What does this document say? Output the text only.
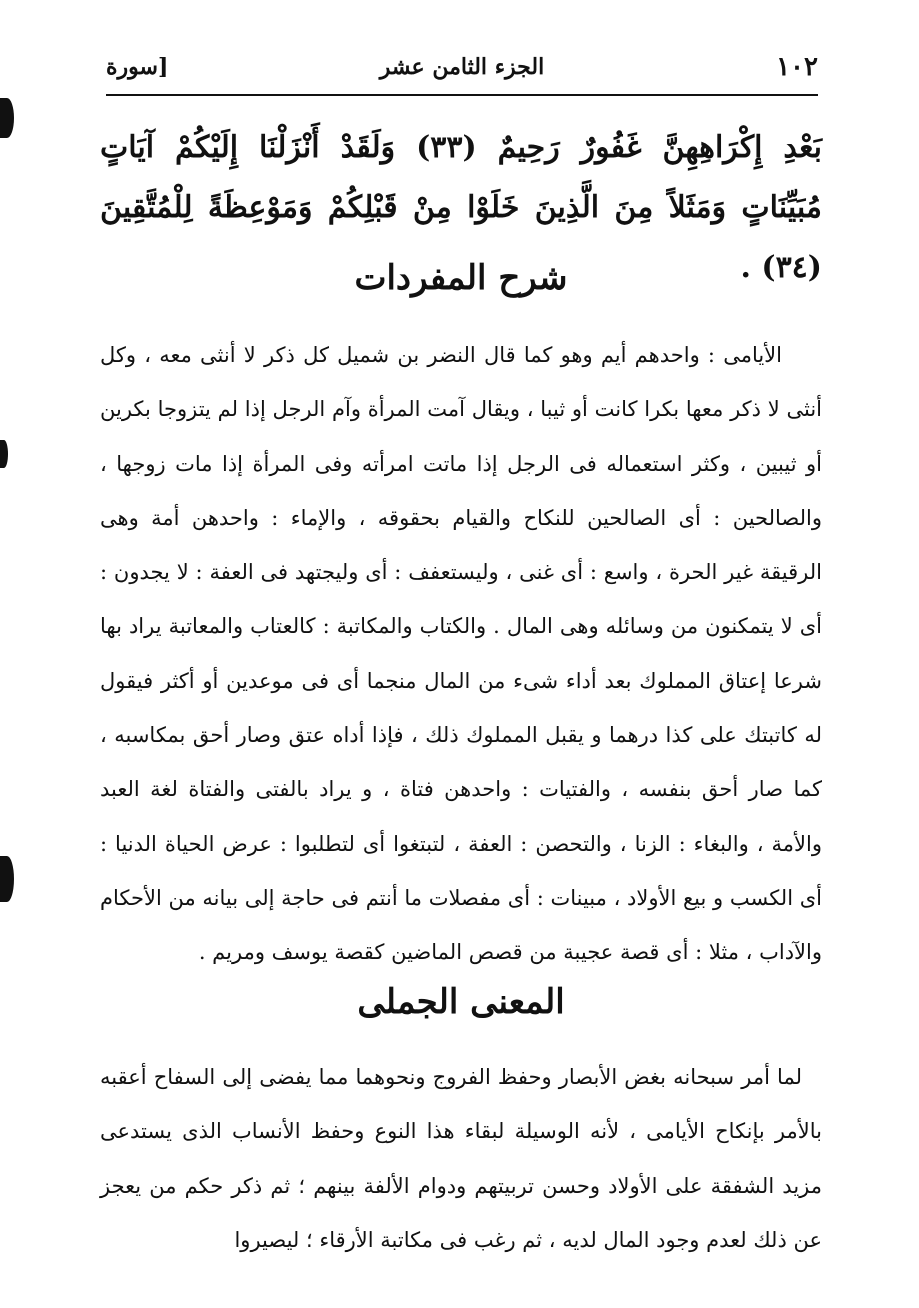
١٠٢
الجزء الثامن عشر
[سورة
بَعْدِ إِكْرَاهِهِنَّ غَفُورٌ رَحِيمٌ (٣٣) وَلَقَدْ أَنْزَلْنَا إِلَيْكُمْ آيَاتٍ مُبَيِّنَاتٍ وَمَثَلاً مِنَ الَّذِينَ خَلَوْا مِنْ قَبْلِكُمْ وَمَوْعِظَةً لِلْمُتَّقِينَ (٣٤) .
شرح المفردات
الأيامى : واحدهم أيم وهو كما قال النضر بن شميل كل ذكر لا أنثى معه ، وكل أنثى لا ذكر معها بكرا كانت أو ثيبا ، ويقال آمت المرأة وآم الرجل إذا لم يتزوجا بكرين أو ثيبين ، وكثر استعماله فى الرجل إذا ماتت امرأته وفى المرأة إذا مات زوجها ، والصالحين : أى الصالحين للنكاح والقيام بحقوقه ، والإماء : واحدهن أمة وهى الرقيقة غير الحرة ، واسع : أى غنى ، وليستعفف : أى وليجتهد فى العفة : لا يجدون : أى لا يتمكنون من وسائله وهى المال . والكتاب والمكاتبة : كالعتاب والمعاتبة يراد بها شرعا إعتاق المملوك بعد أداء شىء من المال منجما أى فى موعدين أو أكثر فيقول له كاتبتك على كذا درهما و يقبل المملوك ذلك ، فإذا أداه عتق وصار أحق بمكاسبه ، كما صار أحق بنفسه ، والفتيات : واحدهن فتاة ، و يراد بالفتى والفتاة لغة العبد والأمة ، والبغاء : الزنا ، والتحصن : العفة ، لتبتغوا أى لتطلبوا : عرض الحياة الدنيا : أى الكسب و بيع الأولاد ، مبينات : أى مفصلات ما أنتم فى حاجة إلى بيانه من الأحكام والآداب ، مثلا : أى قصة عجيبة من قصص الماضين كقصة يوسف ومريم .
المعنى الجملى
لما أمر سبحانه بغض الأبصار وحفظ الفروج ونحوهما مما يفضى إلى السفاح أعقبه بالأمر بإنكاح الأيامى ، لأنه الوسيلة لبقاء هذا النوع وحفظ الأنساب الذى يستدعى مزيد الشفقة على الأولاد وحسن تربيتهم ودوام الألفة بينهم ؛ ثم ذكر حكم من يعجز عن ذلك لعدم وجود المال لديه ، ثم رغب فى مكاتبة الأرقاء ؛ ليصيروا
